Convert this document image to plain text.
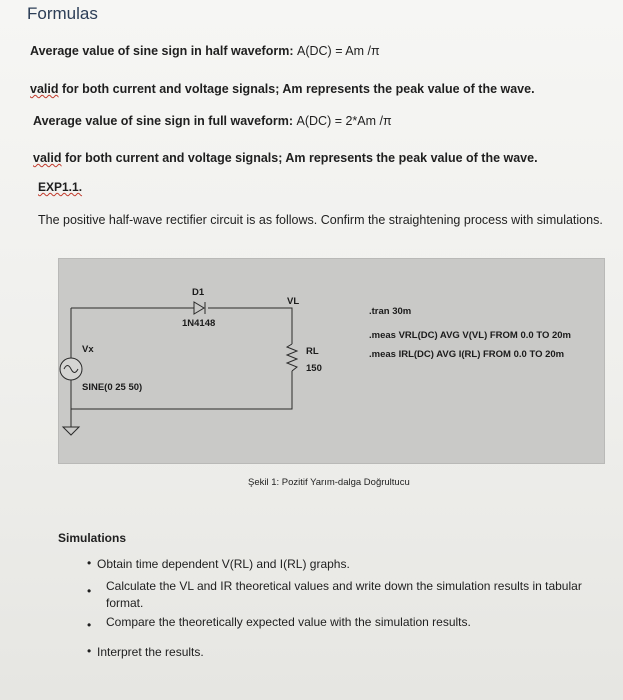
Formulas
Average value of sine sign in half waveform: A(DC) = Am /π
valid for both current and voltage signals; Am represents the peak value of the wave.
Average value of sine sign in full waveform: A(DC) = 2*Am /π
valid for both current and voltage signals; Am represents the peak value of the wave.
EXP1.1.
The positive half-wave rectifier circuit is as follows. Confirm the straightening process with simulations.
D1
1N4148
VL
Vx
SINE(0 25 50)
RL
150
.tran 30m
.meas VRL(DC) AVG V(VL) FROM 0.0 TO 20m
.meas IRL(DC) AVG I(RL) FROM 0.0 TO 20m
Şekil 1: Pozitif Yarım-dalga Doğrultucu
Simulations
• Obtain time dependent V(RL) and I(RL) graphs.
• Calculate the VL and IR theoretical values and write down the simulation results in tabular format.
• Compare the theoretically expected value with the simulation results.
• Interpret the results.
